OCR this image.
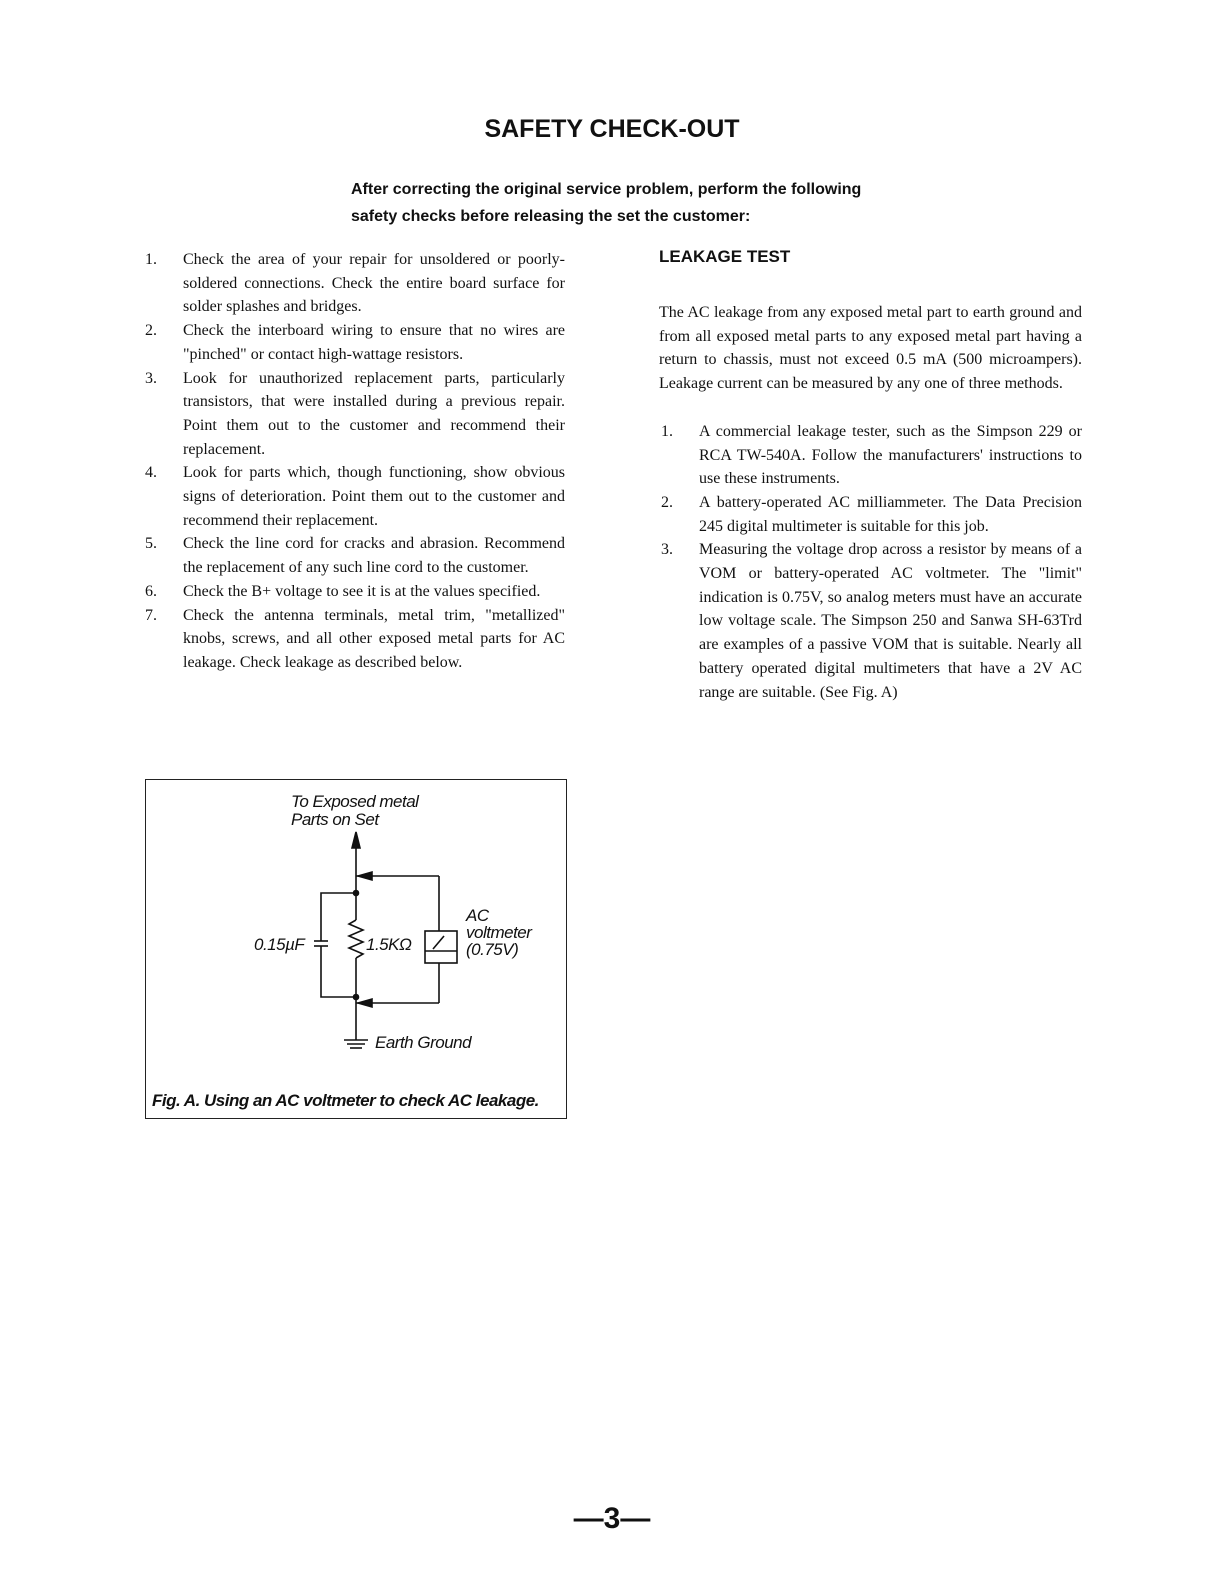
SAFETY CHECK-OUT
After correcting the original service problem, perform the following safety checks before releasing the set the customer:
1. Check the area of your repair for unsoldered or poorly-soldered connections. Check the entire board surface for solder splashes and bridges.
2. Check the interboard wiring to ensure that no wires are "pinched" or contact high-wattage resistors.
3. Look for unauthorized replacement parts, particularly transistors, that were installed during a previous repair. Point them out to the customer and recommend their replacement.
4. Look for parts which, though functioning, show obvious signs of deterioration. Point them out to the customer and recommend their replacement.
5. Check the line cord for cracks and abrasion. Recommend the replacement of any such line cord to the customer.
6. Check the B+ voltage to see it is at the values specified.
7. Check the antenna terminals, metal trim, "metallized" knobs, screws, and all other exposed metal parts for AC leakage. Check leakage as described below.
LEAKAGE TEST
The AC leakage from any exposed metal part to earth ground and from all exposed metal parts to any exposed metal part having a return to chassis, must not exceed 0.5 mA (500 microampers). Leakage current can be measured by any one of three methods.
1. A commercial leakage tester, such as the Simpson 229 or RCA TW-540A. Follow the manufacturers' instructions to use these instruments.
2. A battery-operated AC milliammeter. The Data Precision 245 digital multimeter is suitable for this job.
3. Measuring the voltage drop across a resistor by means of a VOM or battery-operated AC voltmeter. The "limit" indication is 0.75V, so analog meters must have an accurate low voltage scale. The Simpson 250 and Sanwa SH-63Trd are examples of a passive VOM that is suitable. Nearly all battery operated digital multimeters that have a 2V AC range are suitable. (See Fig. A)
To Exposed metal
Parts on Set
0.15µF	1.5KΩ
AC
voltmeter
(0.75V)
Earth Ground
Fig. A. Using an AC voltmeter to check AC leakage.
—3—
